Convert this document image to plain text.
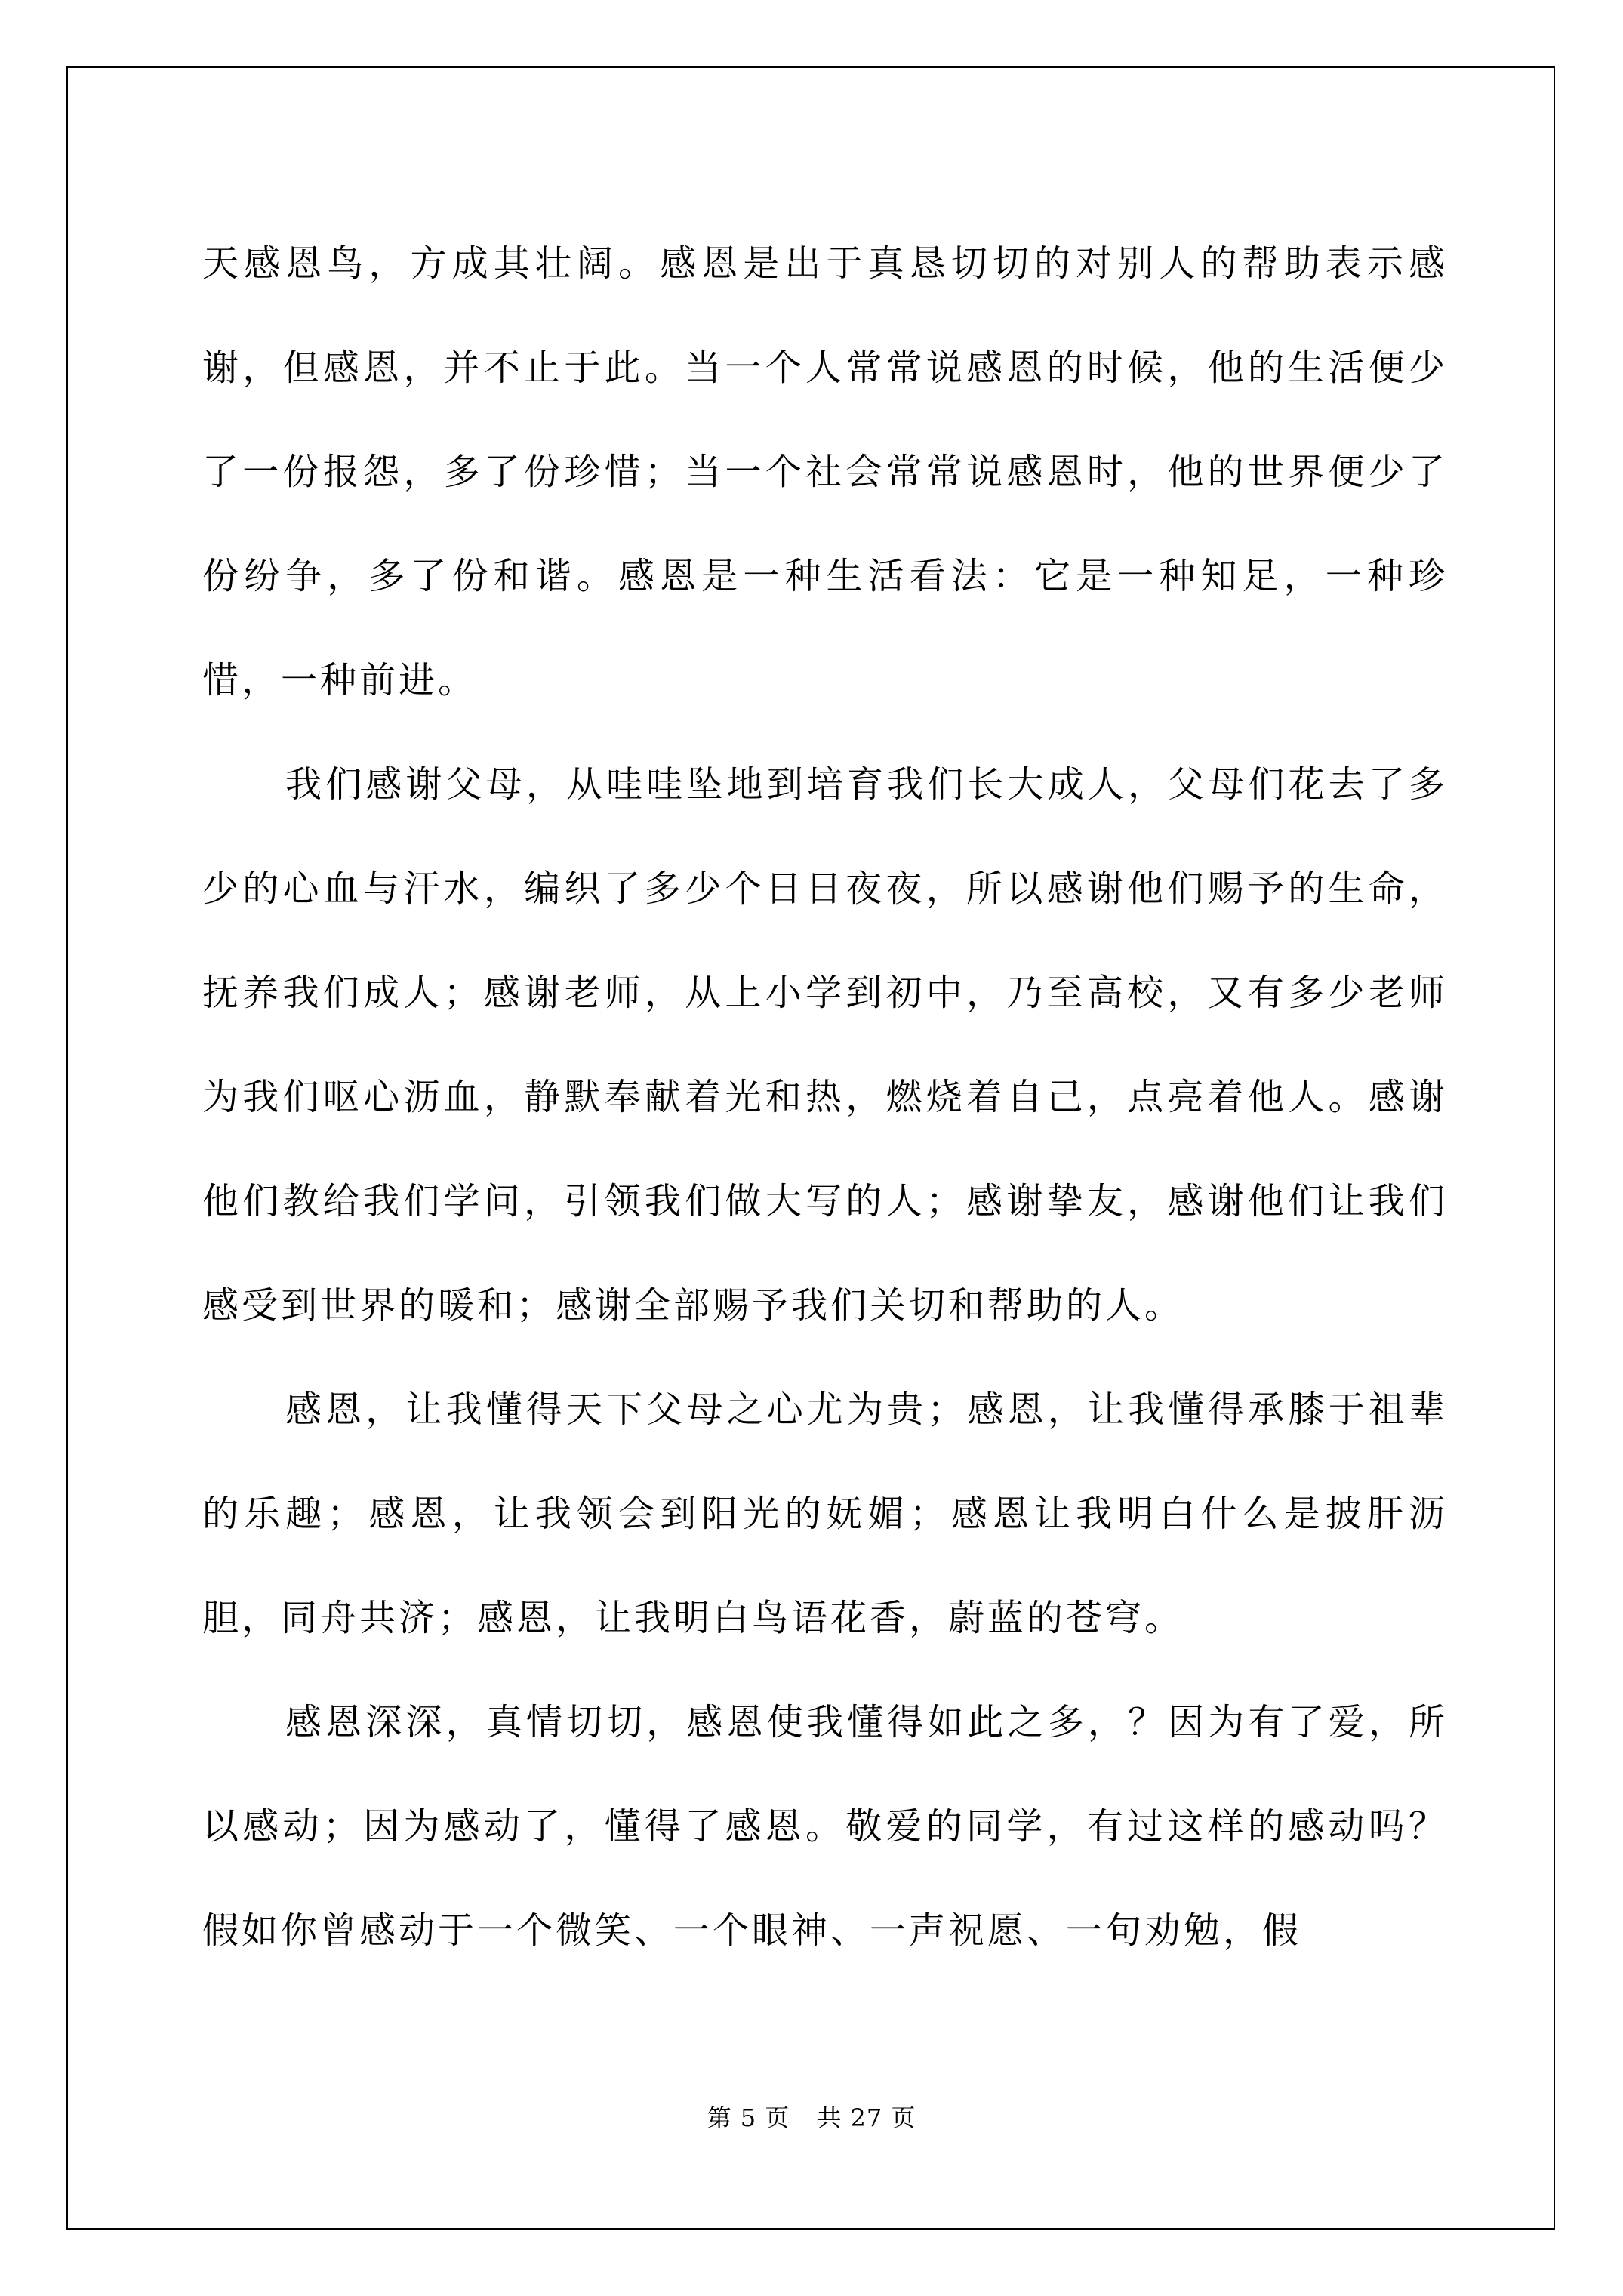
天感恩鸟，方成其壮阔。感恩是出于真恳切切的对别人的帮助表示感谢，但感恩，并不止于此。当一个人常常说感恩的时候，他的生活便少了一份报怨，多了份珍惜；当一个社会常常说感恩时，他的世界便少了份纷争，多了份和谐。感恩是一种生活看法：它是一种知足，一种珍惜，一种前进。

我们感谢父母，从哇哇坠地到培育我们长大成人，父母们花去了多少的心血与汗水，编织了多少个日日夜夜，所以感谢他们赐予的生命，抚养我们成人；感谢老师，从上小学到初中，乃至高校，又有多少老师为我们呕心沥血，静默奉献着光和热，燃烧着自己，点亮着他人。感谢他们教给我们学问，引领我们做大写的人；感谢挚友，感谢他们让我们感受到世界的暖和；感谢全部赐予我们关切和帮助的人。

感恩，让我懂得天下父母之心尤为贵；感恩，让我懂得承膝于祖辈的乐趣；感恩，让我领会到阳光的妩媚；感恩让我明白什么是披肝沥胆，同舟共济；感恩，让我明白鸟语花香，蔚蓝的苍穹。

感恩深深，真情切切，感恩使我懂得如此之多，？因为有了爱，所以感动；因为感动了，懂得了感恩。敬爱的同学，有过这样的感动吗？假如你曾感动于一个微笑、一个眼神、一声祝愿、一句劝勉，假

第 5 页 共 27 页
